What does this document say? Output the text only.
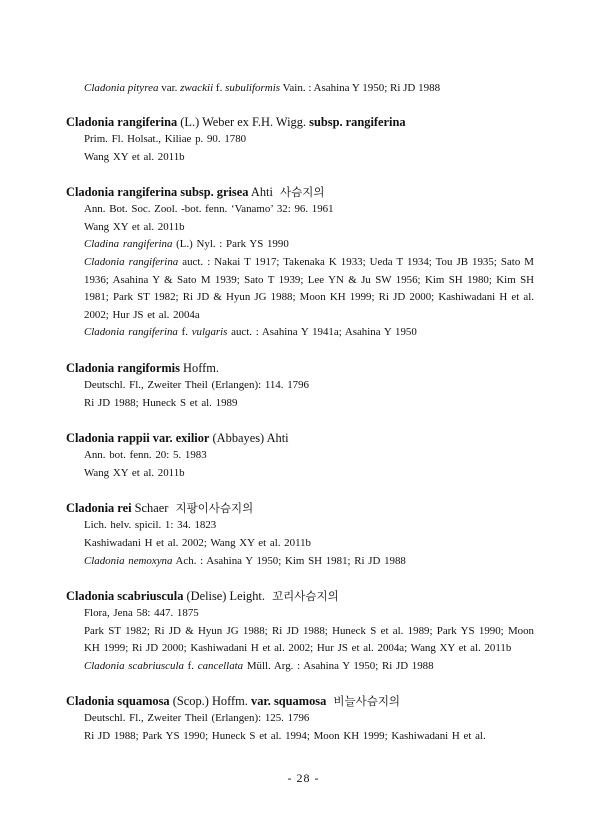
Cladonia pityrea var. zwackii f. subuliformis Vain. : Asahina Y 1950; Ri JD 1988
Cladonia rangiferina (L.) Weber ex F.H. Wigg. subsp. rangiferina
Prim. Fl. Holsat., Kiliae p. 90. 1780
Wang XY et al. 2011b
Cladonia rangiferina subsp. grisea Ahti 사슴지의
Ann. Bot. Soc. Zool. -bot. fenn. ‘Vanamo’ 32: 96. 1961
Wang XY et al. 2011b
Cladina rangiferina (L.) Nyl. : Park YS 1990
Cladonia rangiferina auct. : Nakai T 1917; Takenaka K 1933; Ueda T 1934; Tou JB 1935; Sato M 1936; Asahina Y & Sato M 1939; Sato T 1939; Lee YN & Ju SW 1956; Kim SH 1980; Kim SH 1981; Park ST 1982; Ri JD & Hyun JG 1988; Moon KH 1999; Ri JD 2000; Kashiwadani H et al. 2002; Hur JS et al. 2004a
Cladonia rangiferina f. vulgaris auct. : Asahina Y 1941a; Asahina Y 1950
Cladonia rangiformis Hoffm.
Deutschl. Fl., Zweiter Theil (Erlangen): 114. 1796
Ri JD 1988; Huneck S et al. 1989
Cladonia rappii var. exilior (Abbayes) Ahti
Ann. bot. fenn. 20: 5. 1983
Wang XY et al. 2011b
Cladonia rei Schaer 지팡이사슴지의
Lich. helv. spicil. 1: 34. 1823
Kashiwadani H et al. 2002; Wang XY et al. 2011b
Cladonia nemoxyna Ach. : Asahina Y 1950; Kim SH 1981; Ri JD 1988
Cladonia scabriuscula (Delise) Leight. 꼬리사슴지의
Flora, Jena 58: 447. 1875
Park ST 1982; Ri JD & Hyun JG 1988; Ri JD 1988; Huneck S et al. 1989; Park YS 1990; Moon KH 1999; Ri JD 2000; Kashiwadani H et al. 2002; Hur JS et al. 2004a; Wang XY et al. 2011b
Cladonia scabriuscula f. cancellata Müll. Arg. : Asahina Y 1950; Ri JD 1988
Cladonia squamosa (Scop.) Hoffm. var. squamosa 비늘사슴지의
Deutschl. Fl., Zweiter Theil (Erlangen): 125. 1796
Ri JD 1988; Park YS 1990; Huneck S et al. 1994; Moon KH 1999; Kashiwadani H et al.
- 28 -
